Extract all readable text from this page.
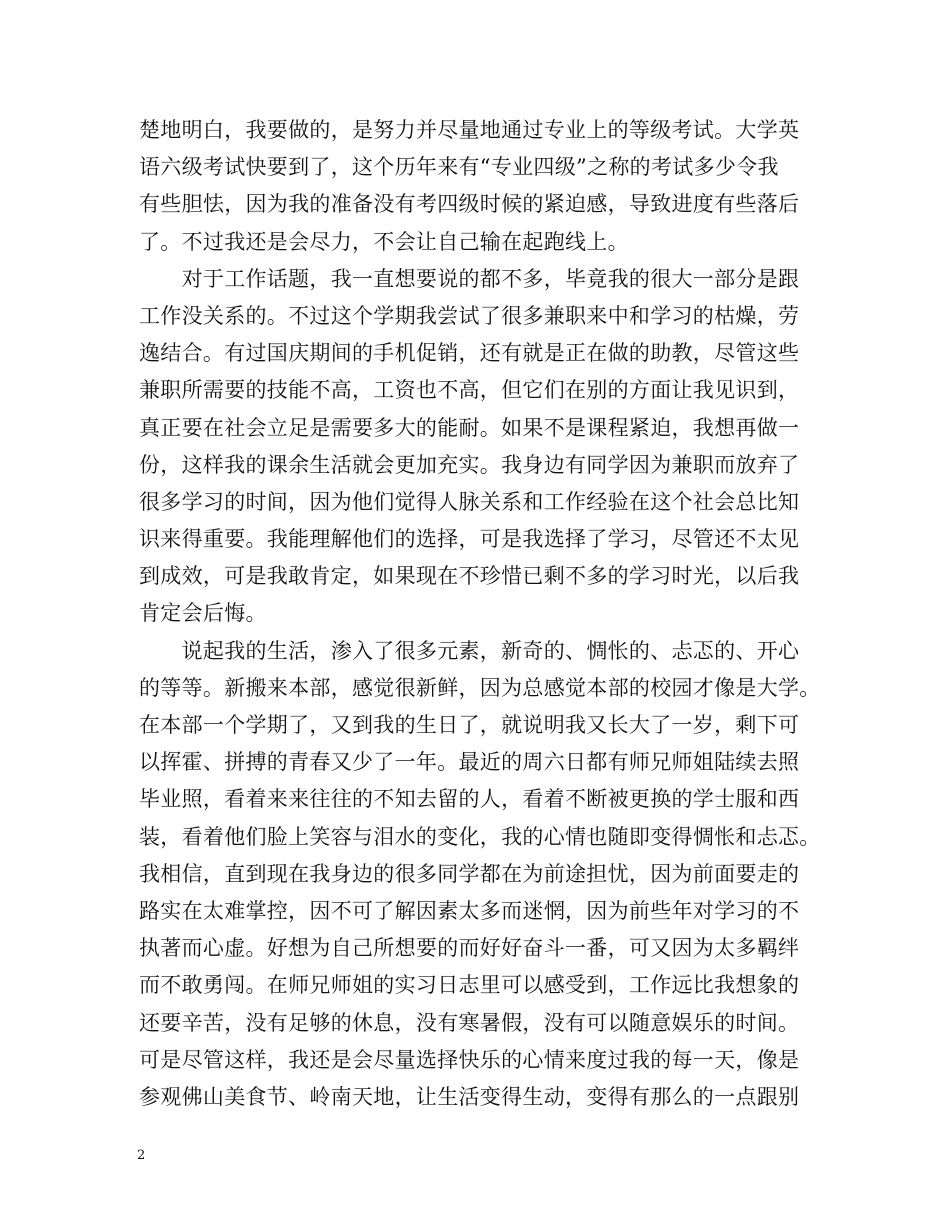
楚地明白，我要做的，是努力并尽量地通过专业上的等级考试。大学英
语六级考试快要到了，这个历年来有“专业四级”之称的考试多少令我
有些胆怯，因为我的准备没有考四级时候的紧迫感，导致进度有些落后
了。不过我还是会尽力，不会让自己输在起跑线上。
　　对于工作话题，我一直想要说的都不多，毕竟我的很大一部分是跟
工作没关系的。不过这个学期我尝试了很多兼职来中和学习的枯燥，劳
逸结合。有过国庆期间的手机促销，还有就是正在做的助教，尽管这些
兼职所需要的技能不高，工资也不高，但它们在别的方面让我见识到，
真正要在社会立足是需要多大的能耐。如果不是课程紧迫，我想再做一
份，这样我的课余生活就会更加充实。我身边有同学因为兼职而放弃了
很多学习的时间，因为他们觉得人脉关系和工作经验在这个社会总比知
识来得重要。我能理解他们的选择，可是我选择了学习，尽管还不太见
到成效，可是我敢肯定，如果现在不珍惜已剩不多的学习时光，以后我
肯定会后悔。
　　说起我的生活，渗入了很多元素，新奇的、惆怅的、忐忑的、开心
的等等。新搬来本部，感觉很新鲜，因为总感觉本部的校园才像是大学。
在本部一个学期了，又到我的生日了，就说明我又长大了一岁，剩下可
以挥霍、拼搏的青春又少了一年。最近的周六日都有师兄师姐陆续去照
毕业照，看着来来往往的不知去留的人，看着不断被更换的学士服和西
装，看着他们脸上笑容与泪水的变化，我的心情也随即变得惆怅和忐忑。
我相信，直到现在我身边的很多同学都在为前途担忧，因为前面要走的
路实在太难掌控，因不可了解因素太多而迷惘，因为前些年对学习的不
执著而心虚。好想为自己所想要的而好好奋斗一番，可又因为太多羁绊
而不敢勇闯。在师兄师姐的实习日志里可以感受到，工作远比我想象的
还要辛苦，没有足够的休息，没有寒暑假，没有可以随意娱乐的时间。
可是尽管这样，我还是会尽量选择快乐的心情来度过我的每一天，像是
参观佛山美食节、岭南天地，让生活变得生动，变得有那么的一点跟别
2
